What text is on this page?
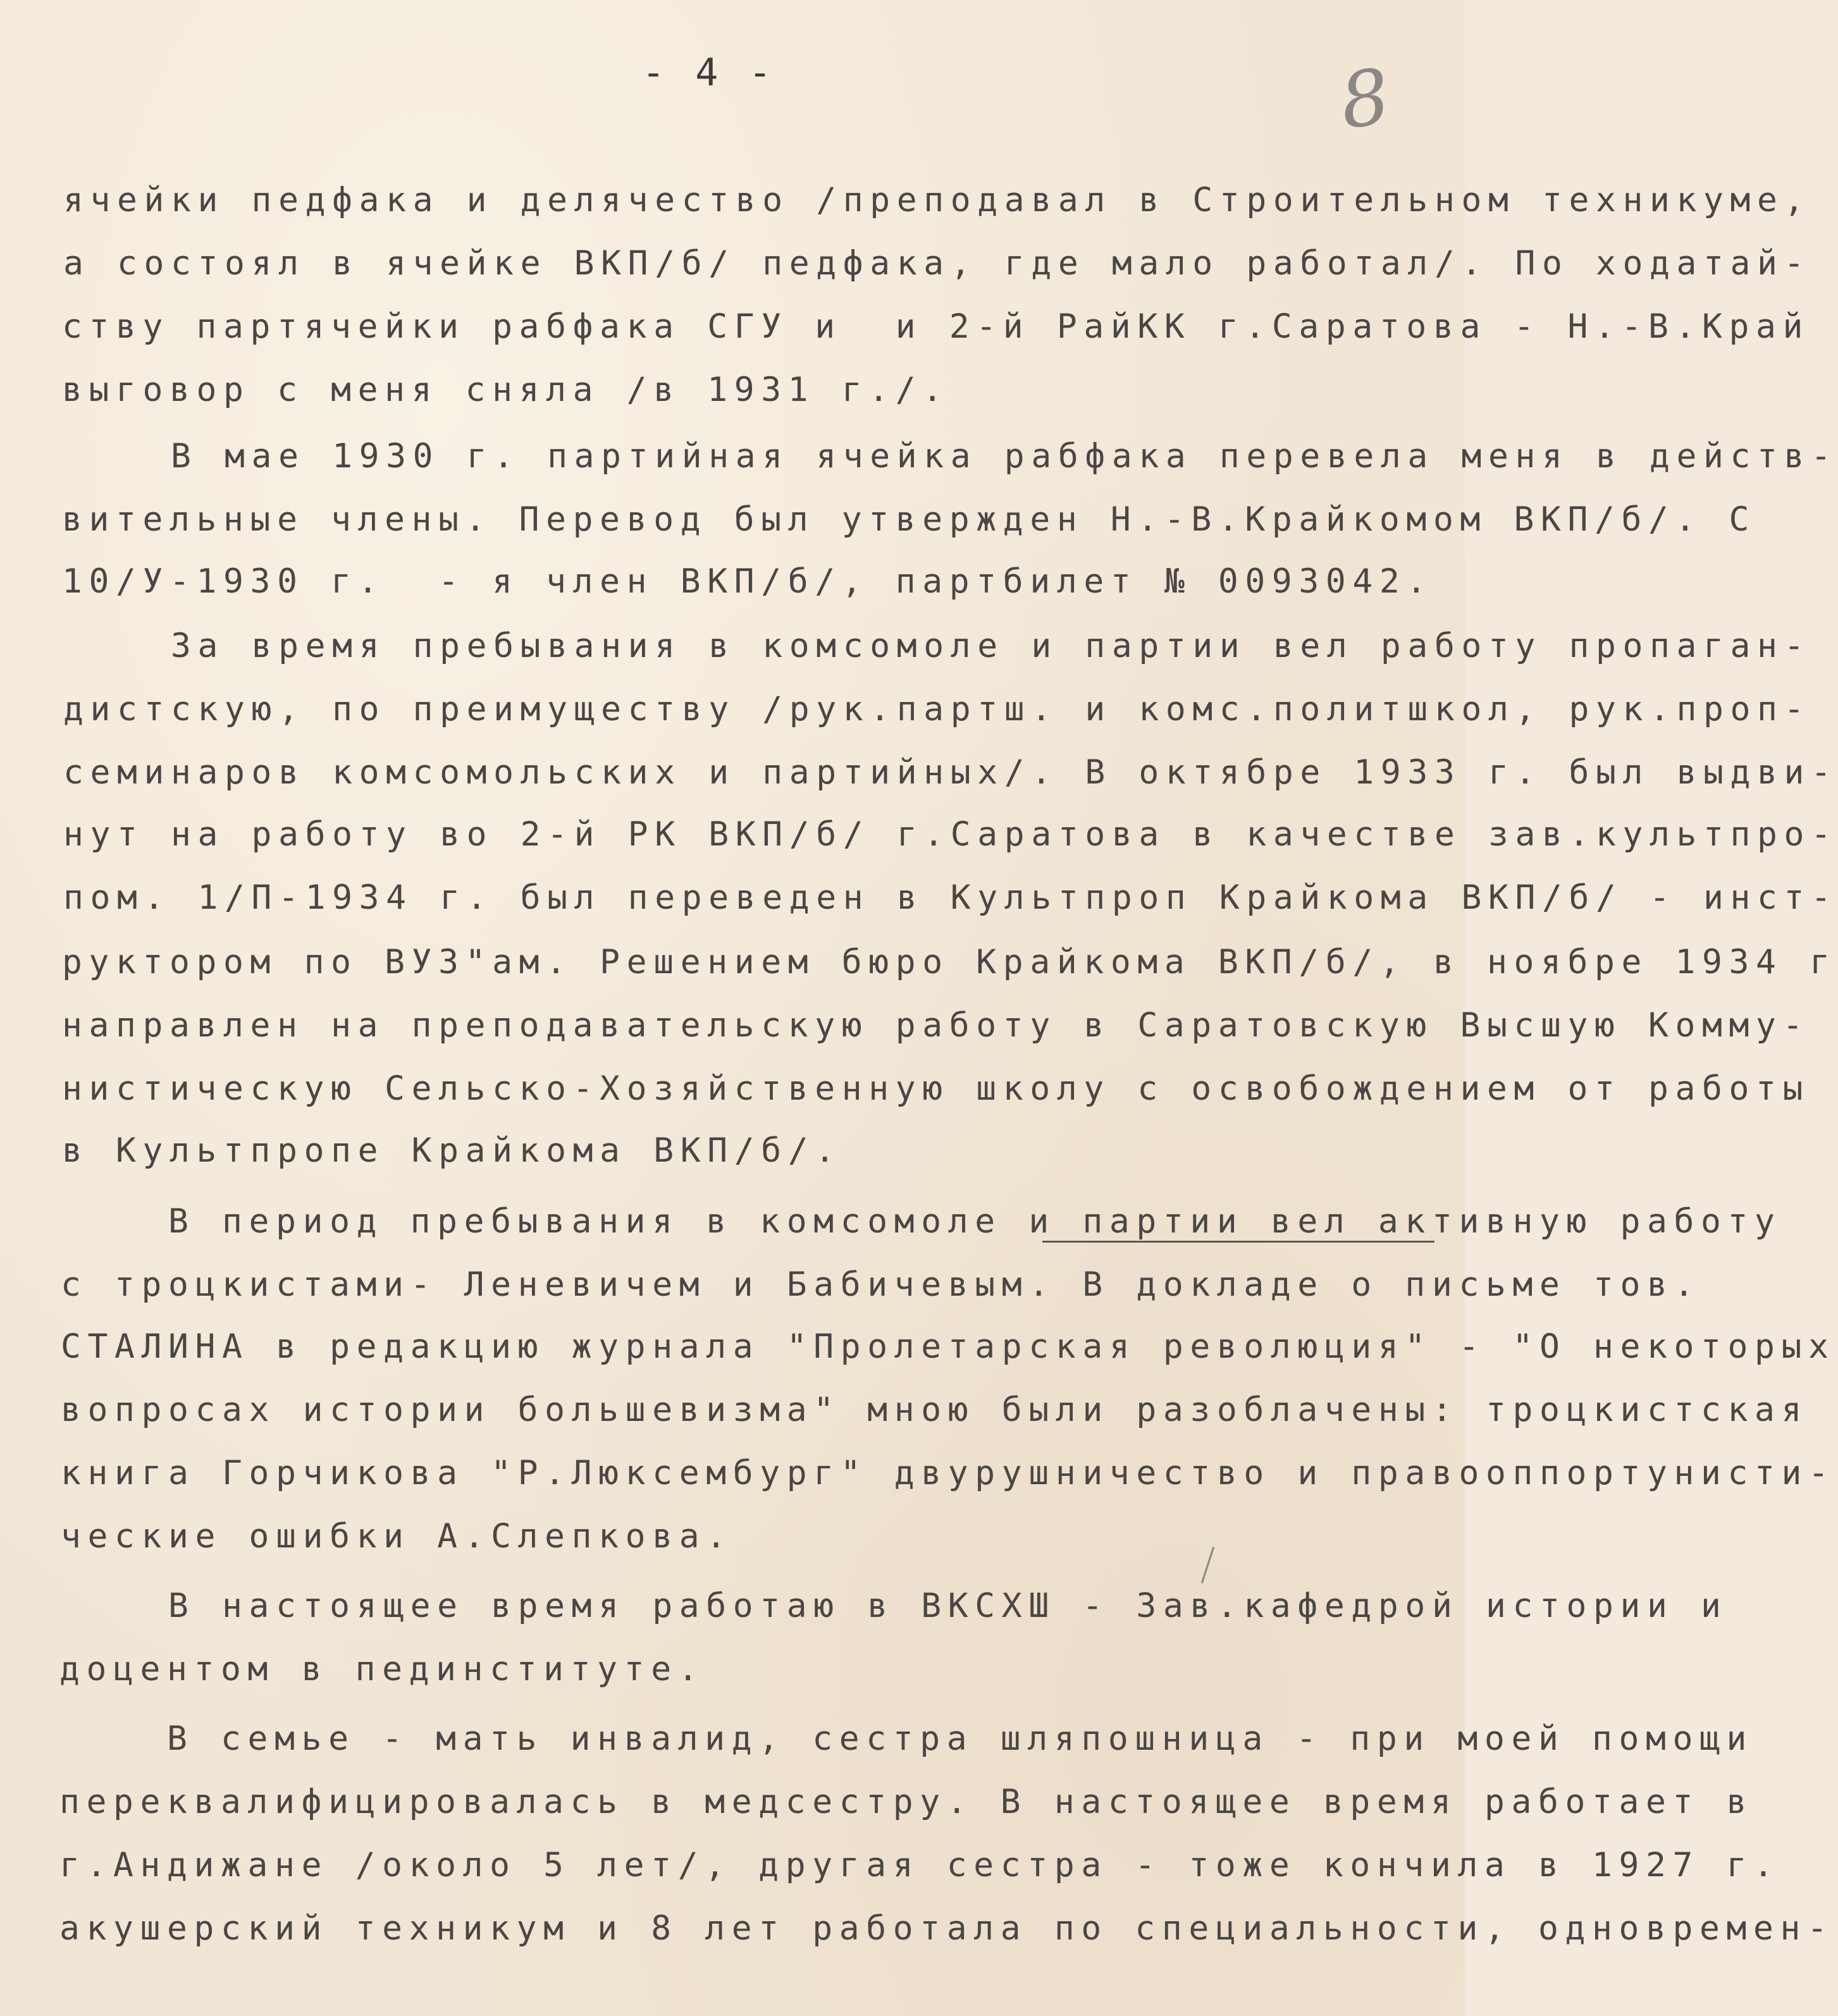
- 4 -	8
ячейки педфака и делячество /преподавал в Строительном техникуме,
а состоял в ячейке ВКП/б/ педфака, где мало работал/. По ходатай-
ству партячейки рабфака СГУ и  и 2-й РайКК г.Саратова - Н.-В.Край
выговор с меня сняла /в 1931 г./.
В мае 1930 г. партийная ячейка рабфака перевела меня в действ-
вительные члены. Перевод был утвержден Н.-В.Крайкомом ВКП/б/. С
10/У-1930 г.  - я член ВКП/б/, партбилет № 0093042.
За время пребывания в комсомоле и партии вел работу пропаган-
дистскую, по преимуществу /рук.партш. и комс.политшкол, рук.проп-
семинаров комсомольских и партийных/. В октябре 1933 г. был выдви-
нут на работу во 2-й РК ВКП/б/ г.Саратова в качестве зав.культпро-
пом. 1/П-1934 г. был переведен в Культпроп Крайкома ВКП/б/ - инст-
руктором по ВУЗ"ам. Решением бюро Крайкома ВКП/б/, в ноябре 1934 г
направлен на преподавательскую работу в Саратовскую Высшую Комму-
нистическую Сельско-Хозяйственную школу с освобождением от работы
в Культпропе Крайкома ВКП/б/.
В период пребывания в комсомоле и партии вел активную работу
с троцкистами- Леневичем и Бабичевым. В докладе о письме тов.
СТАЛИНА в редакцию журнала "Пролетарская революция" - "О некоторых
вопросах истории большевизма" мною были разоблачены: троцкистская
книга Горчикова "Р.Люксембург" двурушничество и правооппортунисти-
ческие ошибки А.Слепкова.
В настоящее время работаю в ВКСХШ - Зав.кафедрой истории и
доцентом в пединституте.
В семье - мать инвалид, сестра шляпошница - при моей помощи
переквалифицировалась в медсестру. В настоящее время работает в
г.Андижане /около 5 лет/, другая сестра - тоже кончила в 1927 г.
акушерский техникум и 8 лет работала по специальности, одновремен-
